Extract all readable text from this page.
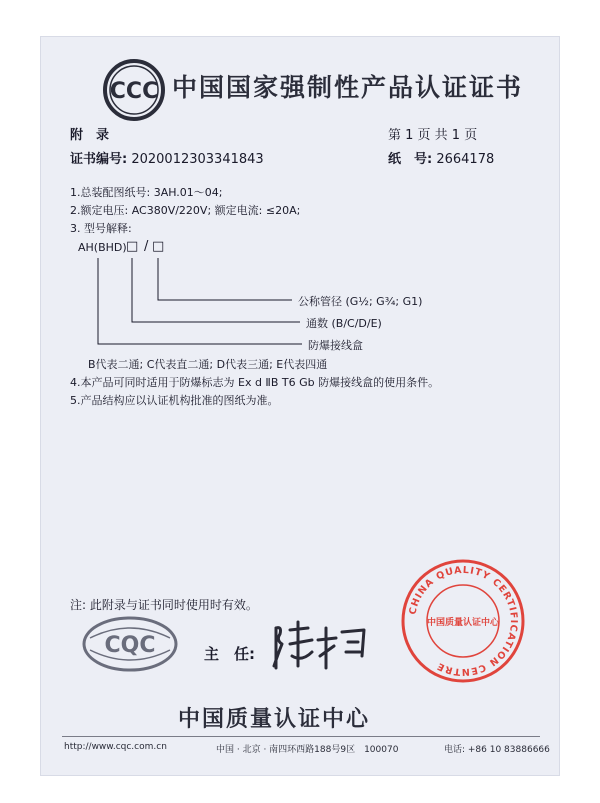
CCC 中国国家强制性产品认证证书
附　录	第 1 页 共 1 页
证书编号: 2020012303341843	纸　号: 2664178
1.总装配图纸号: 3AH.01～04;
2.额定电压: AC380V/220V; 额定电流: ≤20A;
3. 型号解释:
AH(BHD) □ / □
公称管径 (G½; G¾; G1)
通数 (B/C/D/E)
防爆接线盒
B代表二通; C代表直二通; D代表三通; E代表四通
4.本产品可同时适用于防爆标志为 Ex d ⅡB T6 Gb 防爆接线盒的使用条件。
5.产品结构应以认证机构批准的图纸为准。
注: 此附录与证书同时使用时有效。
CQC	主　任:
CHINA QUALITY CERTIFICATION CENTRE
中国质量认证中心
中国质量认证中心
http://www.cqc.com.cn	中国 · 北京 · 南四环西路188号9区　100070	电话: +86 10 83886666
